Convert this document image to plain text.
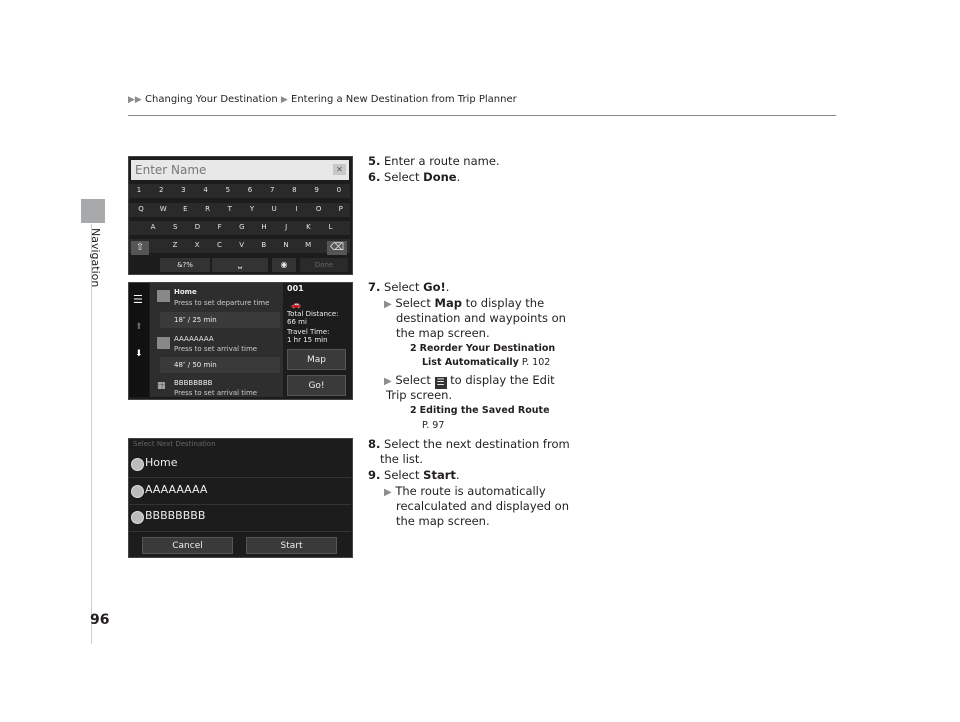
▶▶ Changing Your Destination ▶ Entering a New Destination from Trip Planner
Navigation
96
Enter Name	✕
1	2	3	4	5	6	7	8	9	0
Q	W	E	R	T	Y	U	I	O	P
A	S	D	F	G	H	J	K	L
Z	X	C	V	B	N	M
⇧	⌫
&?%	⎵	◉	Done
☰
⬆
⬇
Home
Press to set departure time
18″ / 25 min
AAAAAAAA
Press to set arrival time
48″ / 50 min
▦	BBBBBBBB
Press to set arrival time
001
🚗
Total Distance:
66 mi
Travel Time:
1 hr 15 min
Map
Go!
Select Next Destination
Home
AAAAAAAA
BBBBBBBB
Cancel	Start
5. Enter a route name.
6. Select Done.
7. Select Go!.
▶ Select Map to display the
destination and waypoints on
the map screen.
2 Reorder Your Destination
List Automatically P. 102
▶ Select ☰ to display the Edit
Trip screen.
2 Editing the Saved Route
P. 97
8. Select the next destination from
the list.
9. Select Start.
▶ The route is automatically
recalculated and displayed on
the map screen.
